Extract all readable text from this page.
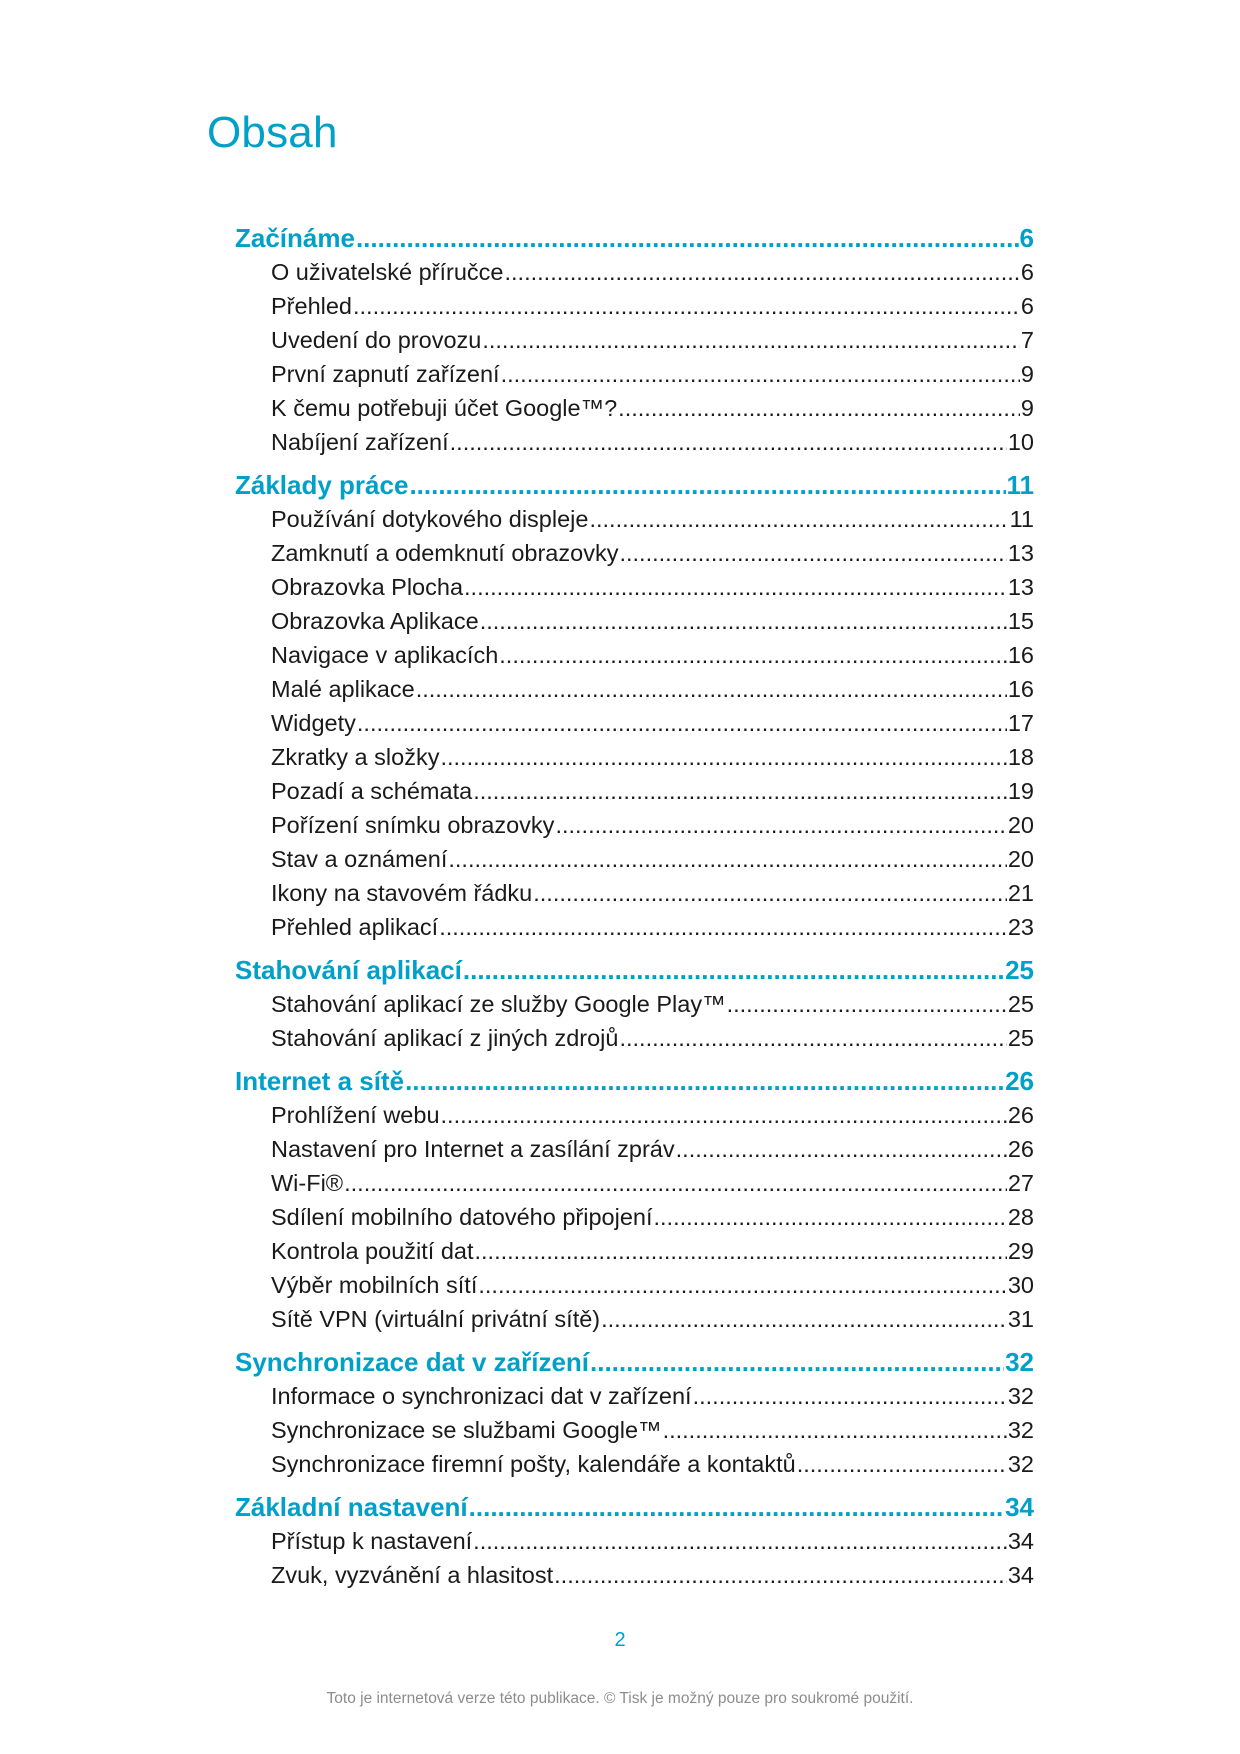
Obsah
Začínáme .....	6
O uživatelské příručce .....	6
Přehled .....	6
Uvedení do provozu .....	7
První zapnutí zařízení .....	9
K čemu potřebuji účet Google™? .....	9
Nabíjení zařízení .....	10
Základy práce .....	11
Používání dotykového displeje .....	11
Zamknutí a odemknutí obrazovky .....	13
Obrazovka Plocha .....	13
Obrazovka Aplikace .....	15
Navigace v aplikacích .....	16
Malé aplikace .....	16
Widgety .....	17
Zkratky a složky .....	18
Pozadí a schémata .....	19
Pořízení snímku obrazovky .....	20
Stav a oznámení .....	20
Ikony na stavovém řádku .....	21
Přehled aplikací .....	23
Stahování aplikací .....	25
Stahování aplikací ze služby Google Play™ .....	25
Stahování aplikací z jiných zdrojů .....	25
Internet a sítě .....	26
Prohlížení webu .....	26
Nastavení pro Internet a zasílání zpráv .....	26
Wi-Fi® .....	27
Sdílení mobilního datového připojení .....	28
Kontrola použití dat .....	29
Výběr mobilních sítí .....	30
Sítě VPN (virtuální privátní sítě) .....	31
Synchronizace dat v zařízení .....	32
Informace o synchronizaci dat v zařízení .....	32
Synchronizace se službami Google™ .....	32
Synchronizace firemní pošty, kalendáře a kontaktů .....	32
Základní nastavení .....	34
Přístup k nastavení .....	34
Zvuk, vyzvánění a hlasitost .....	34
2
Toto je internetová verze této publikace. © Tisk je možný pouze pro soukromé použití.
